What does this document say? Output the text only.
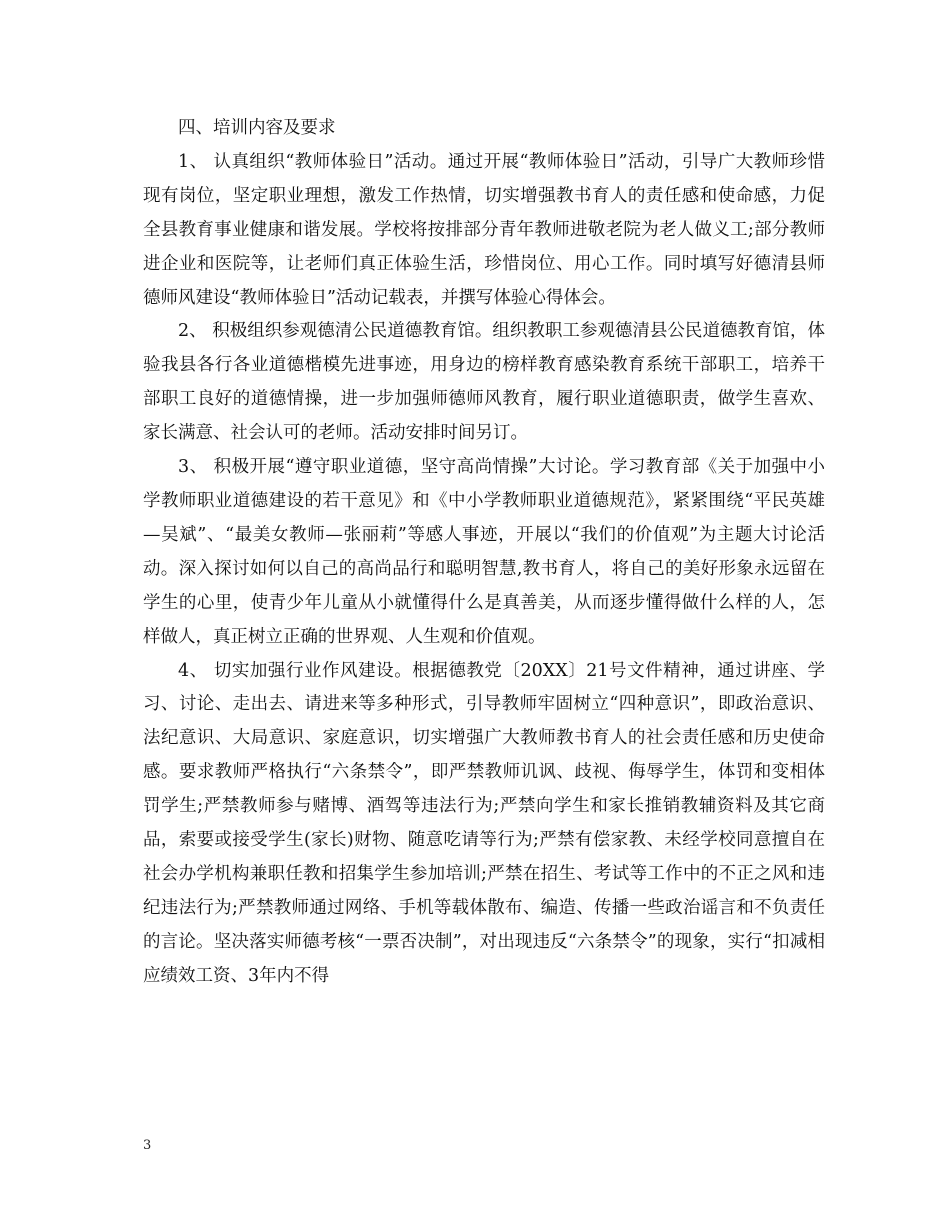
四、培训内容及要求

1、 认真组织“教师体验日”活动。通过开展“教师体验日”活动，引导广大教师珍惜现有岗位，坚定职业理想，激发工作热情，切实增强教书育人的责任感和使命感，力促全县教育事业健康和谐发展。学校将按排部分青年教师进敬老院为老人做义工;部分教师进企业和医院等，让老师们真正体验生活，珍惜岗位、用心工作。同时填写好德清县师德师风建设“教师体验日”活动记载表，并撰写体验心得体会。

2、 积极组织参观德清公民道德教育馆。组织教职工参观德清县公民道德教育馆，体验我县各行各业道德楷模先进事迹，用身边的榜样教育感染教育系统干部职工，培养干部职工良好的道德情操，进一步加强师德师风教育，履行职业道德职责，做学生喜欢、家长满意、社会认可的老师。活动安排时间另订。

3、 积极开展“遵守职业道德，坚守高尚情操”大讨论。学习教育部《关于加强中小学教师职业道德建设的若干意见》和《中小学教师职业道德规范》，紧紧围绕“平民英雄—吴斌”、“最美女教师—张丽莉”等感人事迹，开展以“我们的价值观”为主题大讨论活动。深入探讨如何以自己的高尚品行和聪明智慧,教书育人，将自己的美好形象永远留在学生的心里，使青少年儿童从小就懂得什么是真善美，从而逐步懂得做什么样的人，怎样做人，真正树立正确的世界观、人生观和价值观。

4、 切实加强行业作风建设。根据德教党〔20XX〕21号文件精神，通过讲座、学习、讨论、走出去、请进来等多种形式，引导教师牢固树立“四种意识”，即政治意识、法纪意识、大局意识、家庭意识，切实增强广大教师教书育人的社会责任感和历史使命感。要求教师严格执行“六条禁令”，即严禁教师讥讽、歧视、侮辱学生，体罚和变相体罚学生;严禁教师参与赌博、酒驾等违法行为;严禁向学生和家长推销教辅资料及其它商品，索要或接受学生(家长)财物、随意吃请等行为;严禁有偿家教、未经学校同意擅自在社会办学机构兼职任教和招集学生参加培训;严禁在招生、考试等工作中的不正之风和违纪违法行为;严禁教师通过网络、手机等载体散布、编造、传播一些政治谣言和不负责任的言论。坚决落实师德考核“一票否决制”，对出现违反“六条禁令”的现象，实行“扣减相应绩效工资、3年内不得

3
